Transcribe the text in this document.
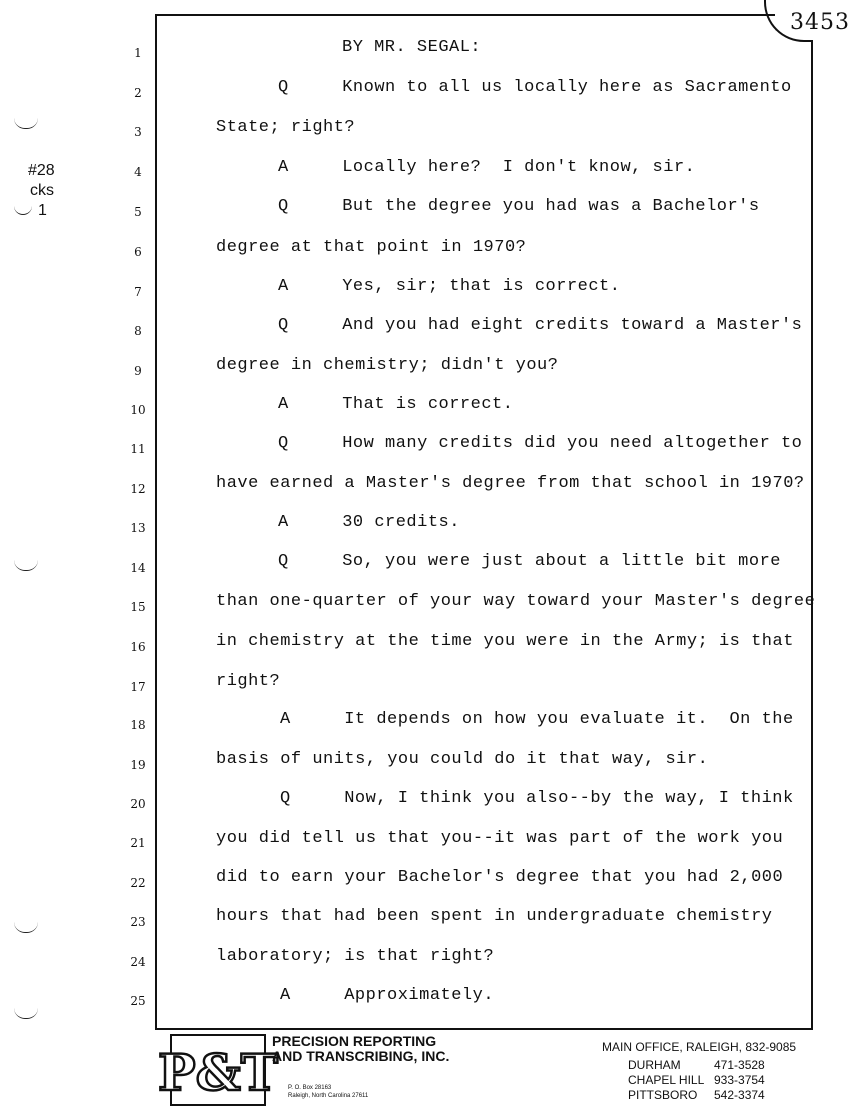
3453
#28
cks
1
1	BY MR. SEGAL:
2	Q     Known to all us locally here as Sacramento
3	State; right?
4	A     Locally here?  I don't know, sir.
5	Q     But the degree you had was a Bachelor's
6	degree at that point in 1970?
7	A     Yes, sir; that is correct.
8	Q     And you had eight credits toward a Master's
9	degree in chemistry; didn't you?
10	A     That is correct.
11	Q     How many credits did you need altogether to
12	have earned a Master's degree from that school in 1970?
13	A     30 credits.
14	Q     So, you were just about a little bit more
15	than one-quarter of your way toward your Master's degree
16	in chemistry at the time you were in the Army; is that
17	right?
18	A     It depends on how you evaluate it.  On the
19	basis of units, you could do it that way, sir.
20	Q     Now, I think you also--by the way, I think
21	you did tell us that you--it was part of the work you
22	did to earn your Bachelor's degree that you had 2,000
23	hours that had been spent in undergraduate chemistry
24	laboratory; is that right?
25	A     Approximately.
P&T
PRECISION REPORTING
AND TRANSCRIBING, INC.
P. O. Box 28163
Raleigh, North Carolina 27611
MAIN OFFICE, RALEIGH, 832-9085
DURHAM	471-3528
CHAPEL HILL 933-3754
PITTSBORO 542-3374
